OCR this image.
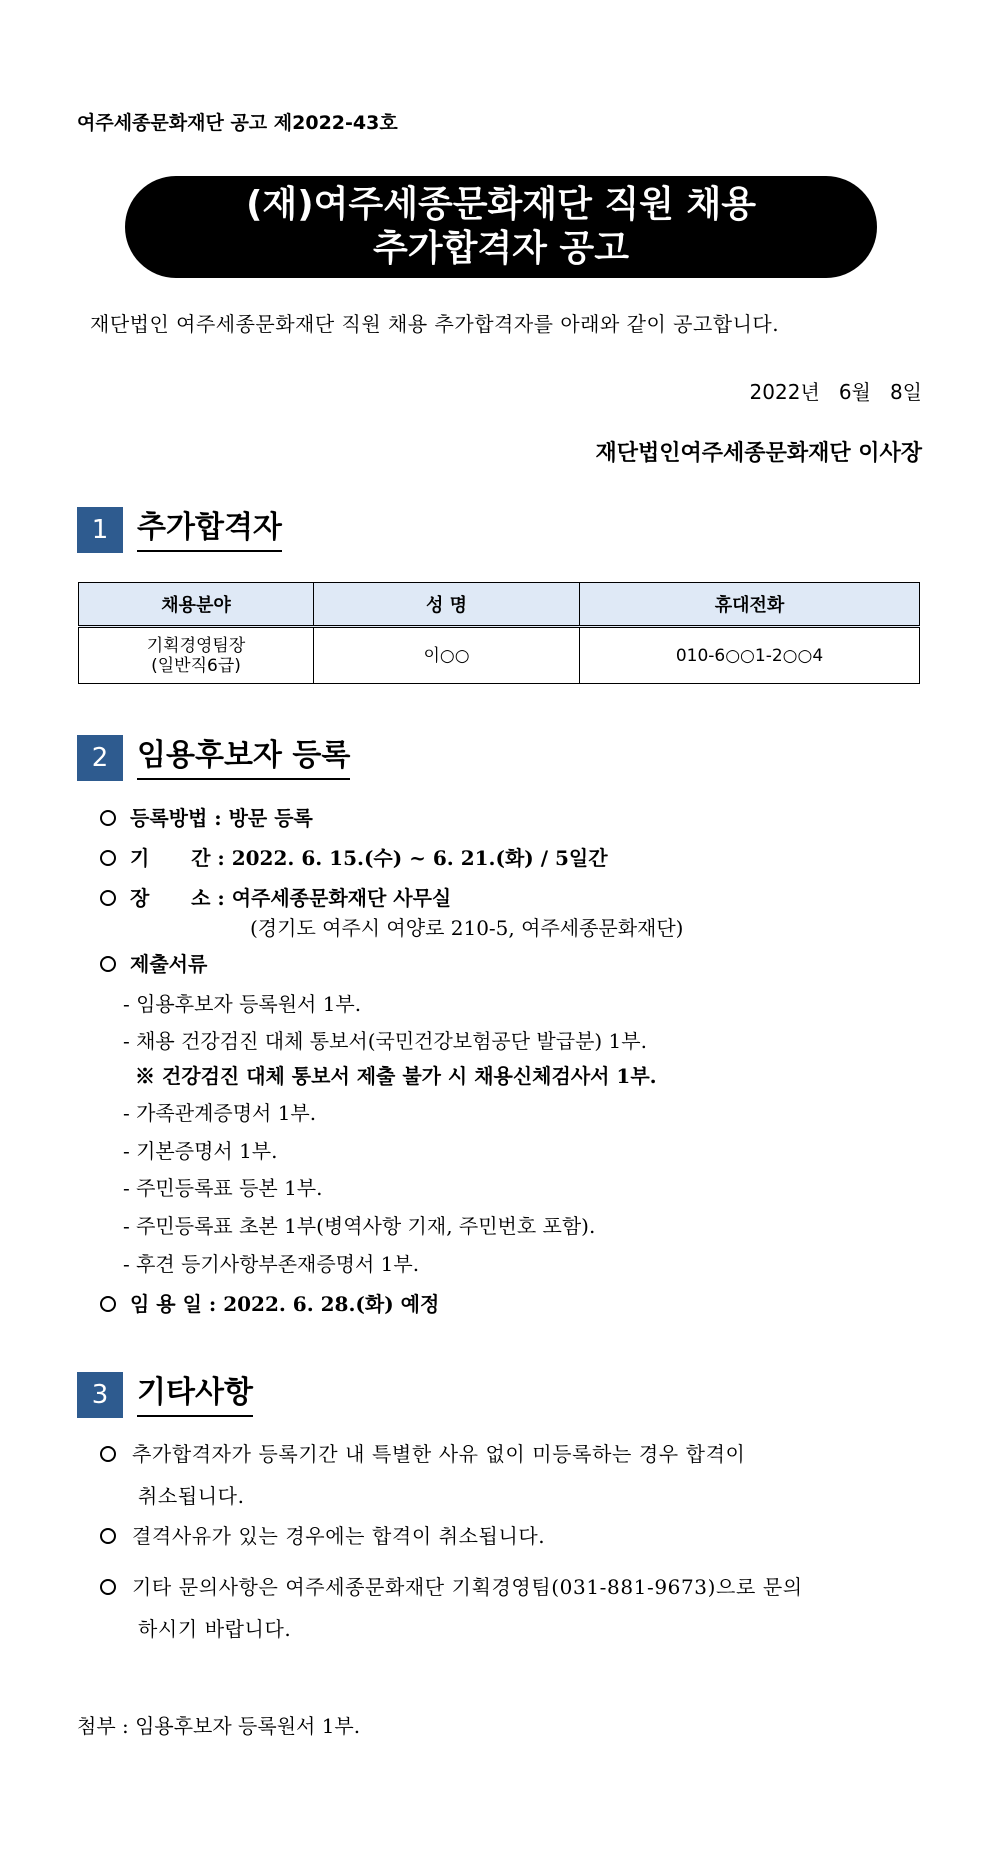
여주세종문화재단 공고 제2022-43호
(재)여주세종문화재단 직원 채용
추가합격자 공고
재단법인 여주세종문화재단 직원 채용 추가합격자를 아래와 같이 공고합니다.
2022년   6월   8일
재단법인여주세종문화재단 이사장
1 추가합격자
채용분야	성 명	휴대전화

기획경영팀장
(일반직6급)	이○○	010-6○○1-2○○4
2 임용후보자 등록
등록방법 : 방문 등록
기      간 : 2022. 6. 15.(수) ~ 6. 21.(화) / 5일간
장      소 : 여주세종문화재단 사무실
(경기도 여주시 여양로 210-5, 여주세종문화재단)
제출서류
- 임용후보자 등록원서 1부.
- 채용 건강검진 대체 통보서(국민건강보험공단 발급분) 1부.
※ 건강검진 대체 통보서 제출 불가 시 채용신체검사서 1부.
- 가족관계증명서 1부.
- 기본증명서 1부.
- 주민등록표 등본 1부.
- 주민등록표 초본 1부(병역사항 기재, 주민번호 포함).
- 후견 등기사항부존재증명서 1부.
임 용 일 : 2022. 6. 28.(화) 예정
3 기타사항
추가합격자가 등록기간 내 특별한 사유 없이 미등록하는 경우 합격이
취소됩니다.
결격사유가 있는 경우에는 합격이 취소됩니다.
기타 문의사항은 여주세종문화재단 기획경영팀(031-881-9673)으로 문의
하시기 바랍니다.
첨부 : 임용후보자 등록원서 1부.
